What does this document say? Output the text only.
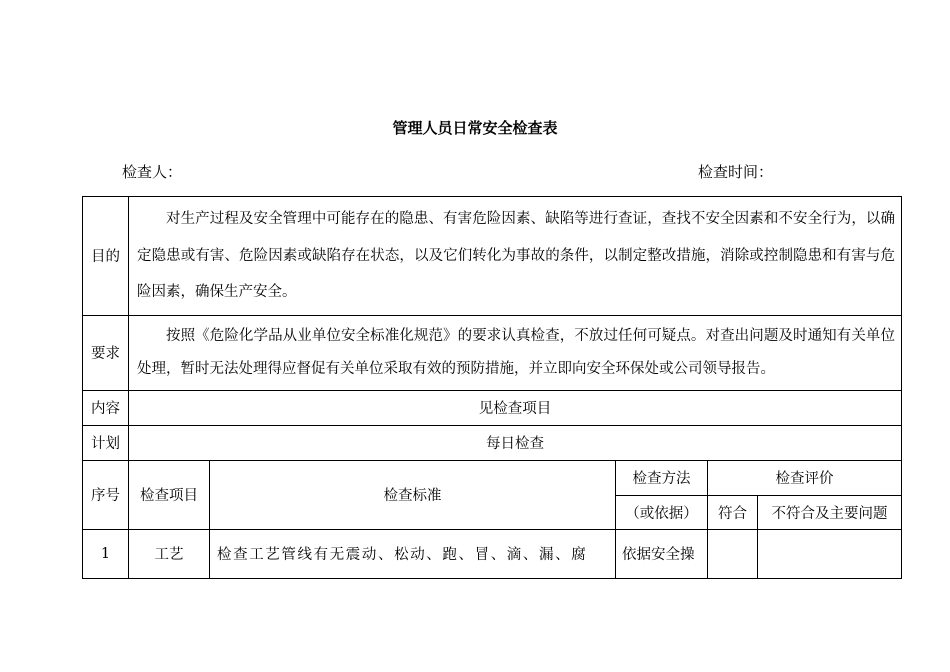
管理人员日常安全检查表
检查人：	检查时间：
目的	对生产过程及安全管理中可能存在的隐患、有害危险因素、缺陷等进行查证，查找不安全因素和不安全行为，以确定隐患或有害、危险因素或缺陷存在状态，以及它们转化为事故的条件，以制定整改措施，消除或控制隐患和有害与危险因素，确保生产安全。				
要求	按照《危险化学品从业单位安全标准化规范》的要求认真检查，不放过任何可疑点。对查出问题及时通知有关单位处理，暂时无法处理得应督促有关单位采取有效的预防措施，并立即向安全环保处或公司领导报告。				
内容	见检查项目				
计划	每日检查				
序号	检查项目	检查标准	检查方法	检查评价	
			（或依据）	符合	不符合及主要问题
1	工艺	检查工艺管线有无震动、松动、跑、冒、滴、漏、腐	依据安全操		
